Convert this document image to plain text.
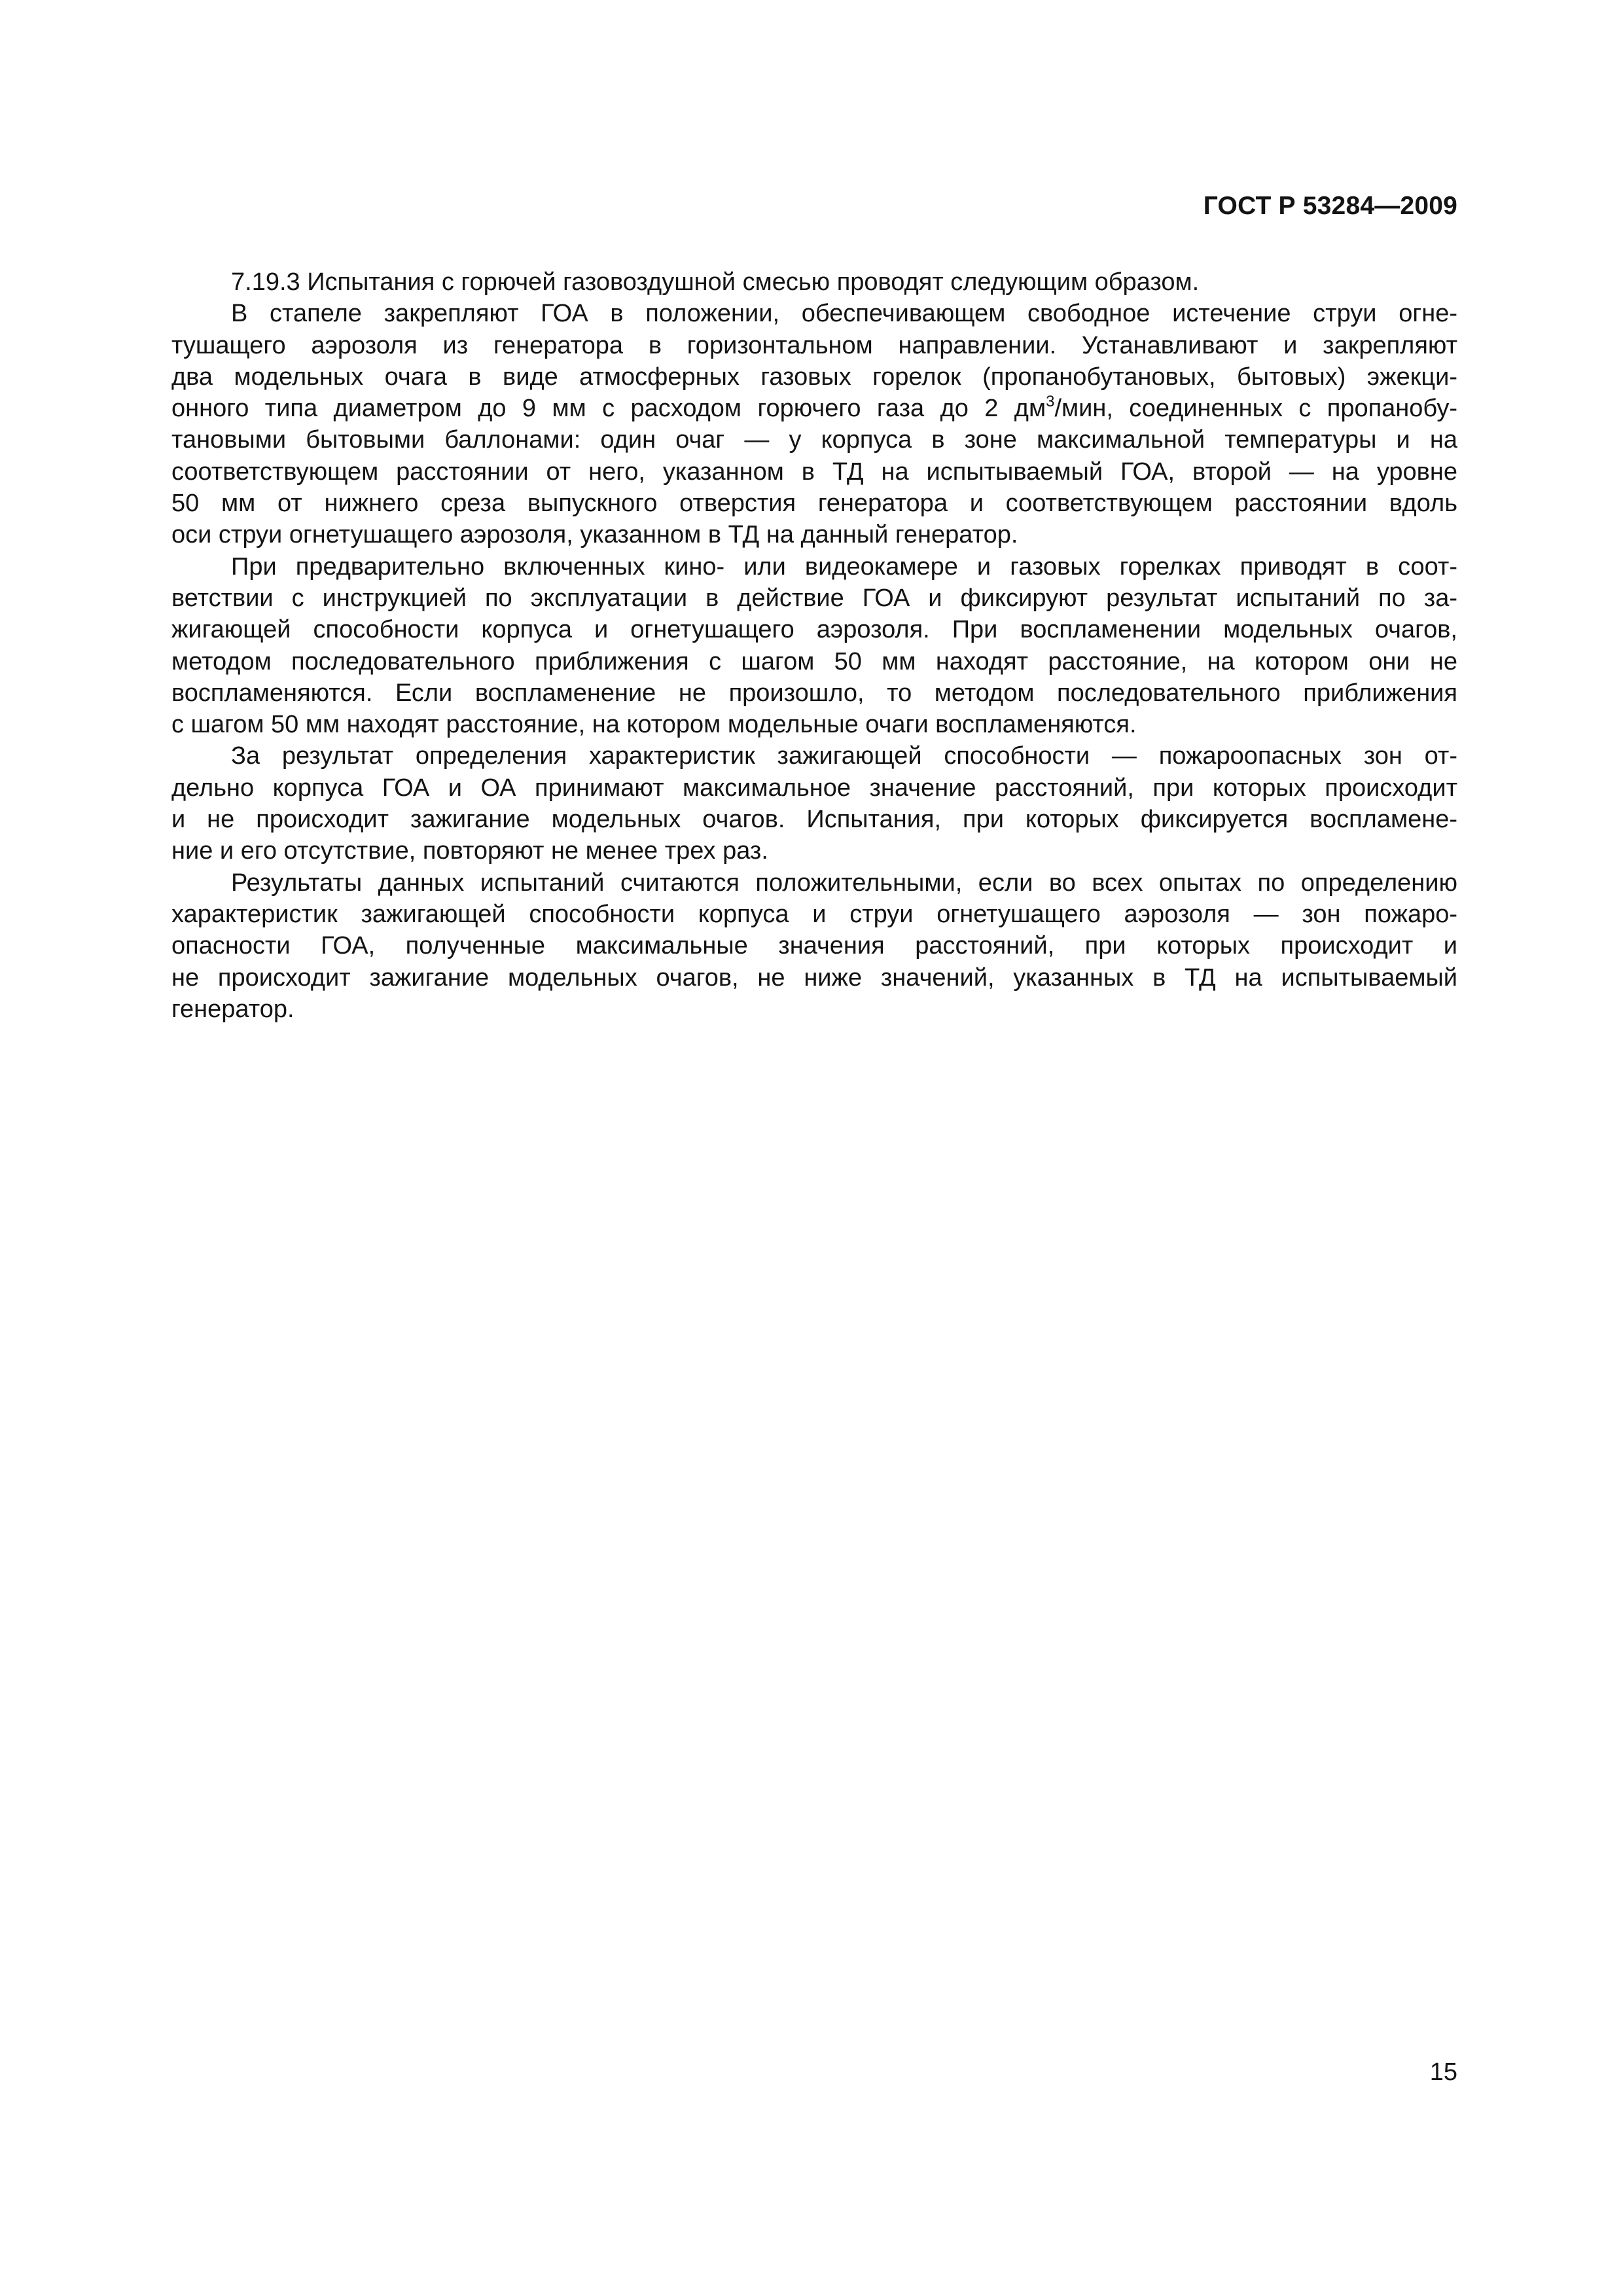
ГОСТ Р 53284—2009
7.19.3 Испытания с горючей газовоздушной смесью проводят следующим образом.
В стапеле закрепляют ГОА в положении, обеспечивающем свободное истечение струи огне-
тушащего аэрозоля из генератора в горизонтальном направлении. Устанавливают и закрепляют
два модельных очага в виде атмосферных газовых горелок (пропанобутановых, бытовых) эжекци-
онного типа диаметром до 9 мм с расходом горючего газа до 2 $дм^3$/мин, соединенных с пропанобу-
тановыми бытовыми баллонами: один очаг — у корпуса в зоне максимальной температуры и на
соответствующем расстоянии от него, указанном в ТД на испытываемый ГОА, второй — на уровне
50 мм от нижнего среза выпускного отверстия генератора и соответствующем расстоянии вдоль
оси струи огнетушащего аэрозоля, указанном в ТД на данный генератор.
При предварительно включенных кино- или видеокамере и газовых горелках приводят в соот-
ветствии с инструкцией по эксплуатации в действие ГОА и фиксируют результат испытаний по за-
жигающей способности корпуса и огнетушащего аэрозоля. При воспламенении модельных очагов,
методом последовательного приближения с шагом 50 мм находят расстояние, на котором они не
воспламеняются. Если воспламенение не произошло, то методом последовательного приближения
с шагом 50 мм находят расстояние, на котором модельные очаги воспламеняются.
За результат определения характеристик зажигающей способности — пожароопасных зон от-
дельно корпуса ГОА и ОА принимают максимальное значение расстояний, при которых происходит
и не происходит зажигание модельных очагов. Испытания, при которых фиксируется воспламене-
ние и его отсутствие, повторяют не менее трех раз.
Результаты данных испытаний считаются положительными, если во всех опытах по определению
характеристик зажигающей способности корпуса и струи огнетушащего аэрозоля — зон пожаро-
опасности ГОА, полученные максимальные значения расстояний, при которых происходит и
не происходит зажигание модельных очагов, не ниже значений, указанных в ТД на испытываемый
генератор.
15
